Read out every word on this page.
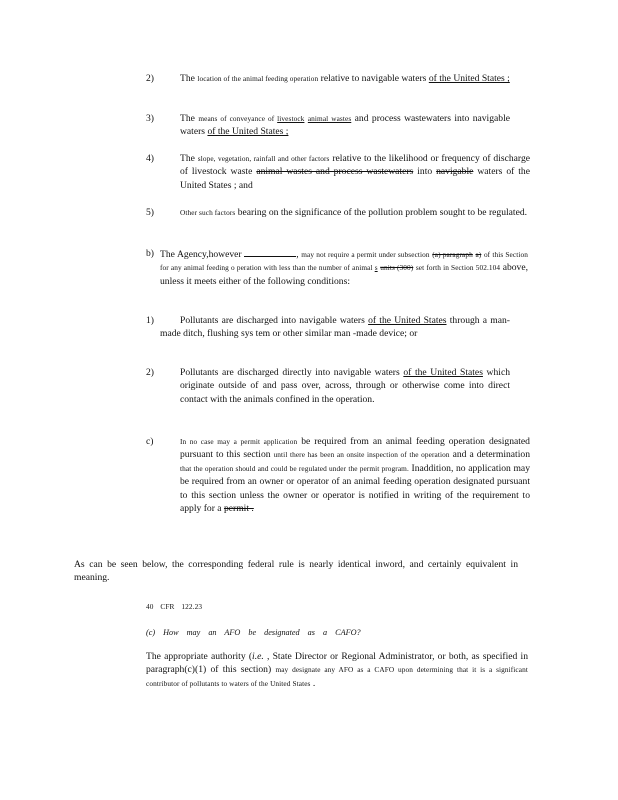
2)	The location of the animal feeding operation relative to navigable waters of the United States ;
3)	The means of conveyance of livestock animal wastes and process wastewaters into navigable waters of the United States ;
4)	The slope, vegetation, rainfall and other factors relative to the likelihood or frequency of discharge of livestock waste animal wastes and process wastewaters into navigable waters of the United States ; and
5)	Other such factors bearing on the significance of the pollution problem sought to be regulated.
b) The Agency,however	, may not require a permit under subsection (a) paragraph a) of this Section for any animal feeding o peration with less than the number of animal s units (300) set forth in Section 502.104 above, unless it meets either of the following conditions:
1)	Pollutants are discharged into navigable waters of the United States through a man-made ditch, flushing sys tem or other similar man -made device; or
2)	Pollutants are discharged directly into navigable waters of the United States which originate outside of and pass over, across, through or otherwise come into direct contact with the animals confined in the operation.
c)	In no case may a permit application be required from an animal feeding operation designated pursuant to this section until there has been an onsite inspection of the operation and a determination that the operation should and could be regulated under the permit program. Inaddition, no application may be required from an owner or operator of an animal feeding operation designated pursuant to this section unless the owner or operator is notified in writing of the requirement to apply for a permit .
As can be seen below, the corresponding federal rule is nearly identical inword, and certainly equivalent in meaning.
40 CFR 122.23
(c) How may an AFO be designated as a CAFO?
The appropriate authority (i.e. , State Director or Regional Administrator, or both, as specified in paragraph(c)(1) of this section) may designate any AFO as a CAFO upon determining that it is a significant contributor of pollutants to waters of the United States .
